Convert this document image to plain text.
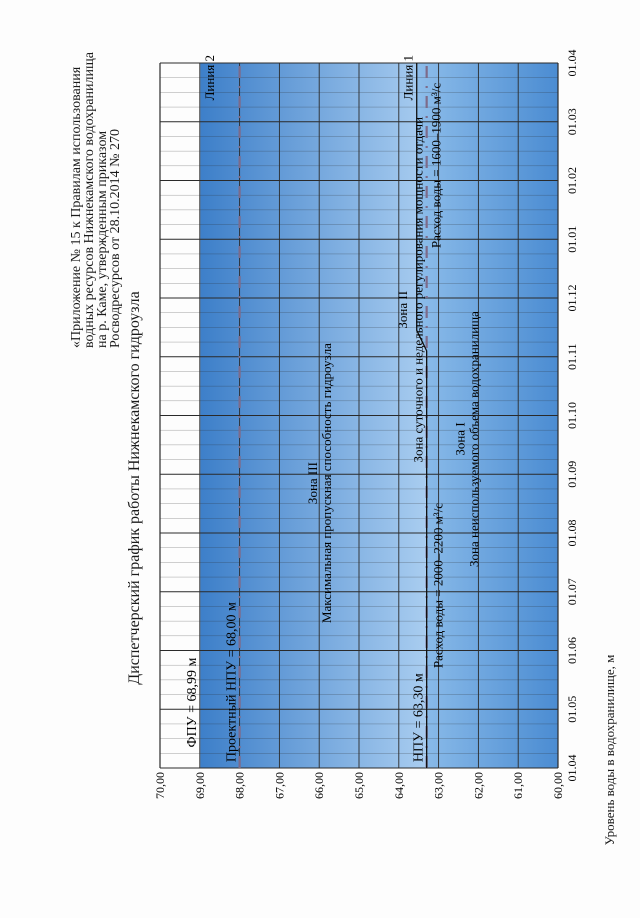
«Приложение № 15 к Правилам использования
водных ресурсов Нижнекамского водохранилища
на р. Каме, утвержденным приказом
Росводресурсов от 28.10.2014 № 270
Диспетчерский график работы Нижнекамского гидроузла
01.04
01.05
01.06
01.07
01.08
01.09
01.10
01.11
01.12
01.01
01.02
01.03
01.04
60,00
61,00
62,00
63,00
64,00
65,00
66,00
67,00
68,00
69,00
70,00
ФПУ = 68,99 м Проектный НПУ = 68,00 м	НПУ = 63,30 м
Расход воды = 2000–2200 м³/с
Расход воды = 1600–1900 м³/с
Зона III
Максимальная пропускная способность гидроузла
Зона II Зона суточного и недельного регулирования мощности отдачи Зона I
Зона неиспользуемого объема водохранилища
Линия 2	Линия 1
Уровень воды в водохранилище, м
